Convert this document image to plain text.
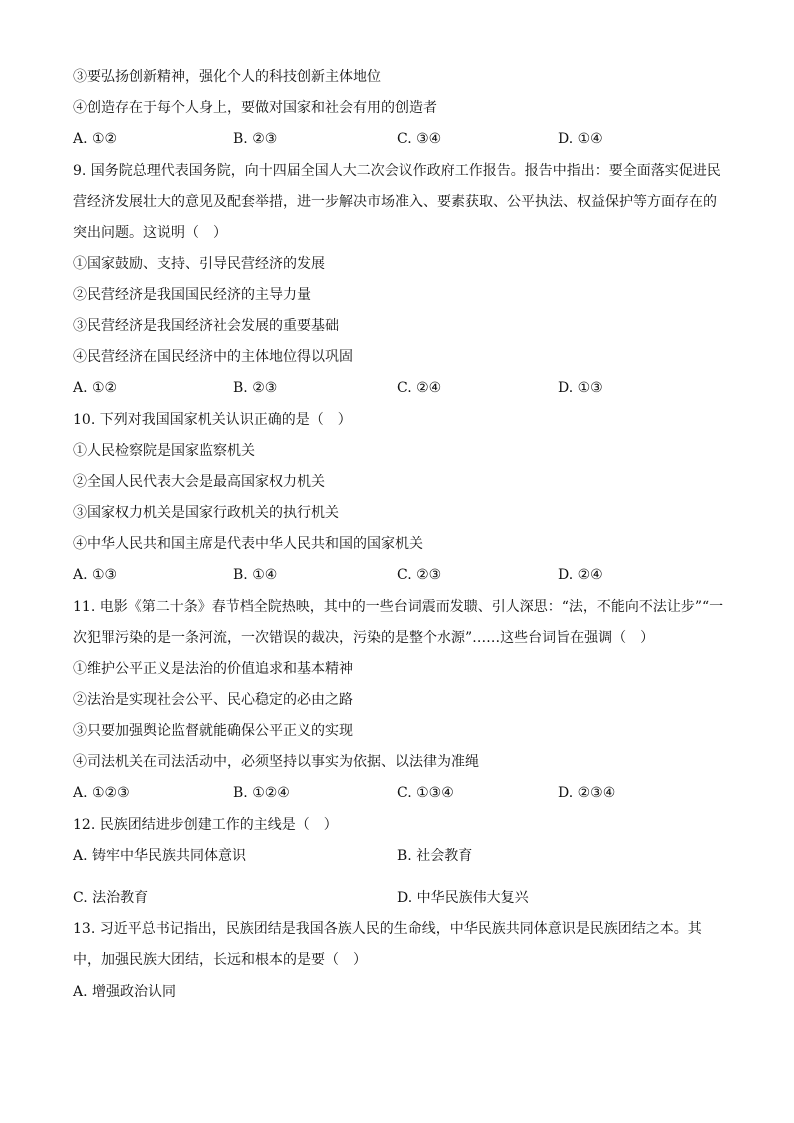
③要弘扬创新精神，强化个人的科技创新主体地位
④创造存在于每个人身上，要做对国家和社会有用的创造者
A. ①②	B. ②③	C. ③④	D. ①④
9. 国务院总理代表国务院，向十四届全国人大二次会议作政府工作报告。报告中指出：要全面落实促进民
营经济发展壮大的意见及配套举措，进一步解决市场准入、要素获取、公平执法、权益保护等方面存在的
突出问题。这说明（　）
①国家鼓励、支持、引导民营经济的发展
②民营经济是我国国民经济的主导力量
③民营经济是我国经济社会发展的重要基础
④民营经济在国民经济中的主体地位得以巩固
A. ①②	B. ②③	C. ②④	D. ①③
10. 下列对我国国家机关认识正确的是（　）
①人民检察院是国家监察机关
②全国人民代表大会是最高国家权力机关
③国家权力机关是国家行政机关的执行机关
④中华人民共和国主席是代表中华人民共和国的国家机关
A. ①③	B. ①④	C. ②③	D. ②④
11. 电影《第二十条》春节档全院热映，其中的一些台词震而发聩、引人深思：“法，不能向不法让步”“一
次犯罪污染的是一条河流，一次错误的裁决，污染的是整个水源”……这些台词旨在强调（　）
①维护公平正义是法治的价值追求和基本精神
②法治是实现社会公平、民心稳定的必由之路
③只要加强舆论监督就能确保公平正义的实现
④司法机关在司法活动中，必须坚持以事实为依据、以法律为准绳
A. ①②③	B. ①②④	C. ①③④	D. ②③④
12. 民族团结进步创建工作的主线是（　）
A. 铸牢中华民族共同体意识	B. 社会教育
C. 法治教育	D. 中华民族伟大复兴
13. 习近平总书记指出，民族团结是我国各族人民的生命线，中华民族共同体意识是民族团结之本。其
中，加强民族大团结，长远和根本的是要（　）
A. 增强政治认同
